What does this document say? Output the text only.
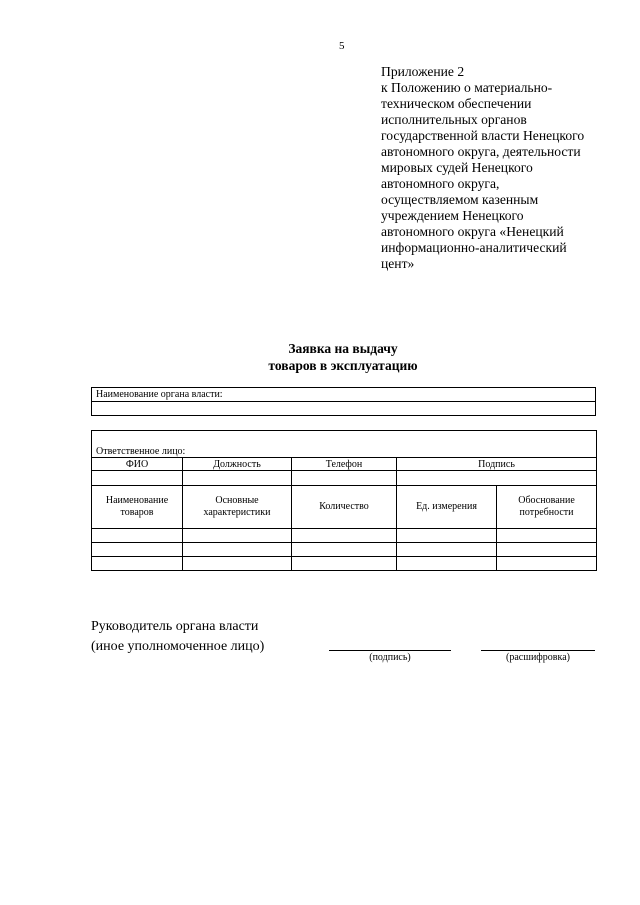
5
Приложение 2
к Положению о материально-
техническом обеспечении
исполнительных органов
государственной власти Ненецкого
автономного округа, деятельности
мировых судей Ненецкого
автономного округа,
осуществляемом казенным
учреждением Ненецкого
автономного округа «Ненецкий
информационно-аналитический
цент»
Заявка на выдачу
товаров в эксплуатацию
Наименование органа власти:

Ответственное лицо:				
ФИО	Должность	Телефон	Подпись	

Наименование товаров	Основные характеристики	Количество	Ед. измерения	Обоснование потребности

Руководитель органа власти
(иное уполномоченное лицо)
(подпись)	(расшифровка)
